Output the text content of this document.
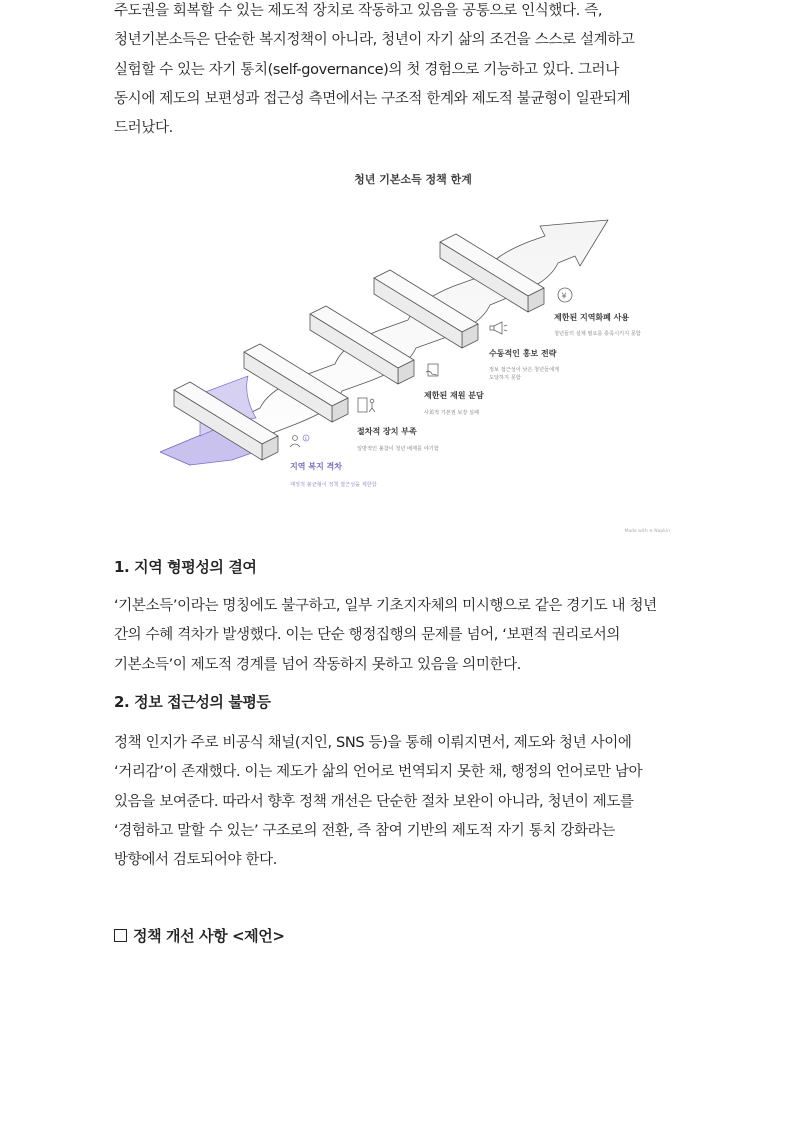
주도권을 회복할 수 있는 제도적 장치로 작동하고 있음을 공통으로 인식했다. 즉,
청년기본소득은 단순한 복지정책이 아니라, 청년이 자기 삶의 조건을 스스로 설계하고
실험할 수 있는 자기 통치(self-governance)의 첫 경험으로 기능하고 있다. 그러나
동시에 제도의 보편성과 접근성 측면에서는 구조적 한계와 제도적 불균형이 일관되게
드러났다.
청년 기본소득 정책 한계
$
¥
지역 복지 격차
재정적 불균형이 정책 접근성을 제한함
절차적 장치 부족
일방적인 불참이 청년 배제를 야기함
제한된 재원 분담
사회적 기본권 보장 실패
수동적인 홍보 전략
정보 접근성이 낮은 청년들에게
도달하지 못함
제한된 지역화폐 사용
청년들의 실제 필요를 충족시키지 못함
Made with ≡ Napkin
1. 지역 형평성의 결여
‘기본소득’이라는 명칭에도 불구하고, 일부 기초지자체의 미시행으로 같은 경기도 내 청년
간의 수혜 격차가 발생했다. 이는 단순 행정집행의 문제를 넘어, ‘보편적 권리로서의
기본소득’이 제도적 경계를 넘어 작동하지 못하고 있음을 의미한다.
2. 정보 접근성의 불평등
정책 인지가 주로 비공식 채널(지인, SNS 등)을 통해 이뤄지면서, 제도와 청년 사이에
‘거리감’이 존재했다. 이는 제도가 삶의 언어로 번역되지 못한 채, 행정의 언어로만 남아
있음을 보여준다. 따라서 향후 정책 개선은 단순한 절차 보완이 아니라, 청년이 제도를
‘경험하고 말할 수 있는’ 구조로의 전환, 즉 참여 기반의 제도적 자기 통치 강화라는
방향에서 검토되어야 한다.
정책 개선 사항 <제언>
